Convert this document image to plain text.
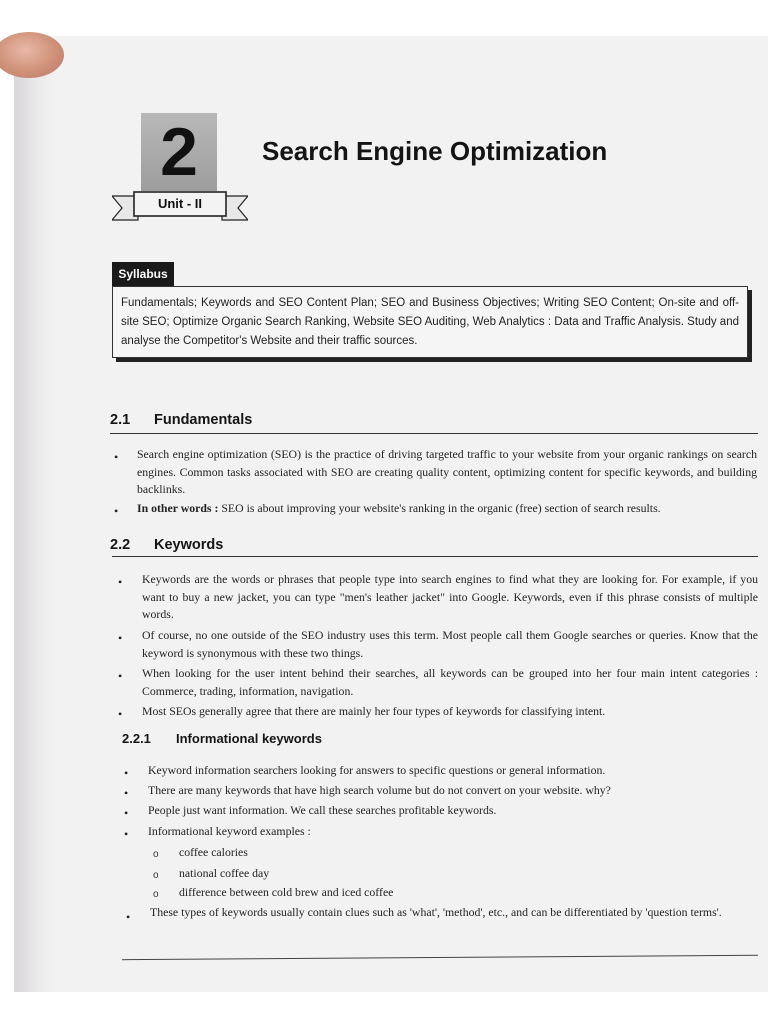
2
Unit - II
Search Engine Optimization
Syllabus
Fundamentals; Keywords and SEO Content Plan; SEO and Business Objectives; Writing SEO Content; On-site and off-site SEO; Optimize Organic Search Ranking, Website SEO Auditing, Web Analytics : Data and Traffic Analysis. Study and analyse the Competitor's Website and their traffic sources.
2.1 Fundamentals
• Search engine optimization (SEO) is the practice of driving targeted traffic to your website from your organic rankings on search engines. Common tasks associated with SEO are creating quality content, optimizing content for specific keywords, and building backlinks.
• In other words : SEO is about improving your website's ranking in the organic (free) section of search results.
2.2 Keywords
• Keywords are the words or phrases that people type into search engines to find what they are looking for. For example, if you want to buy a new jacket, you can type "men's leather jacket" into Google. Keywords, even if this phrase consists of multiple words.
• Of course, no one outside of the SEO industry uses this term. Most people call them Google searches or queries. Know that the keyword is synonymous with these two things.
• When looking for the user intent behind their searches, all keywords can be grouped into her four main intent categories : Commerce, trading, information, navigation.
• Most SEOs generally agree that there are mainly her four types of keywords for classifying intent.
2.2.1 Informational keywords
• Keyword information searchers looking for answers to specific questions or general information.
• There are many keywords that have high search volume but do not convert on your website. why?
• People just want information. We call these searches profitable keywords.
• Informational keyword examples :
o coffee calories
o national coffee day
o difference between cold brew and iced coffee
• These types of keywords usually contain clues such as 'what', 'method', etc., and can be differentiated by 'question terms'.
